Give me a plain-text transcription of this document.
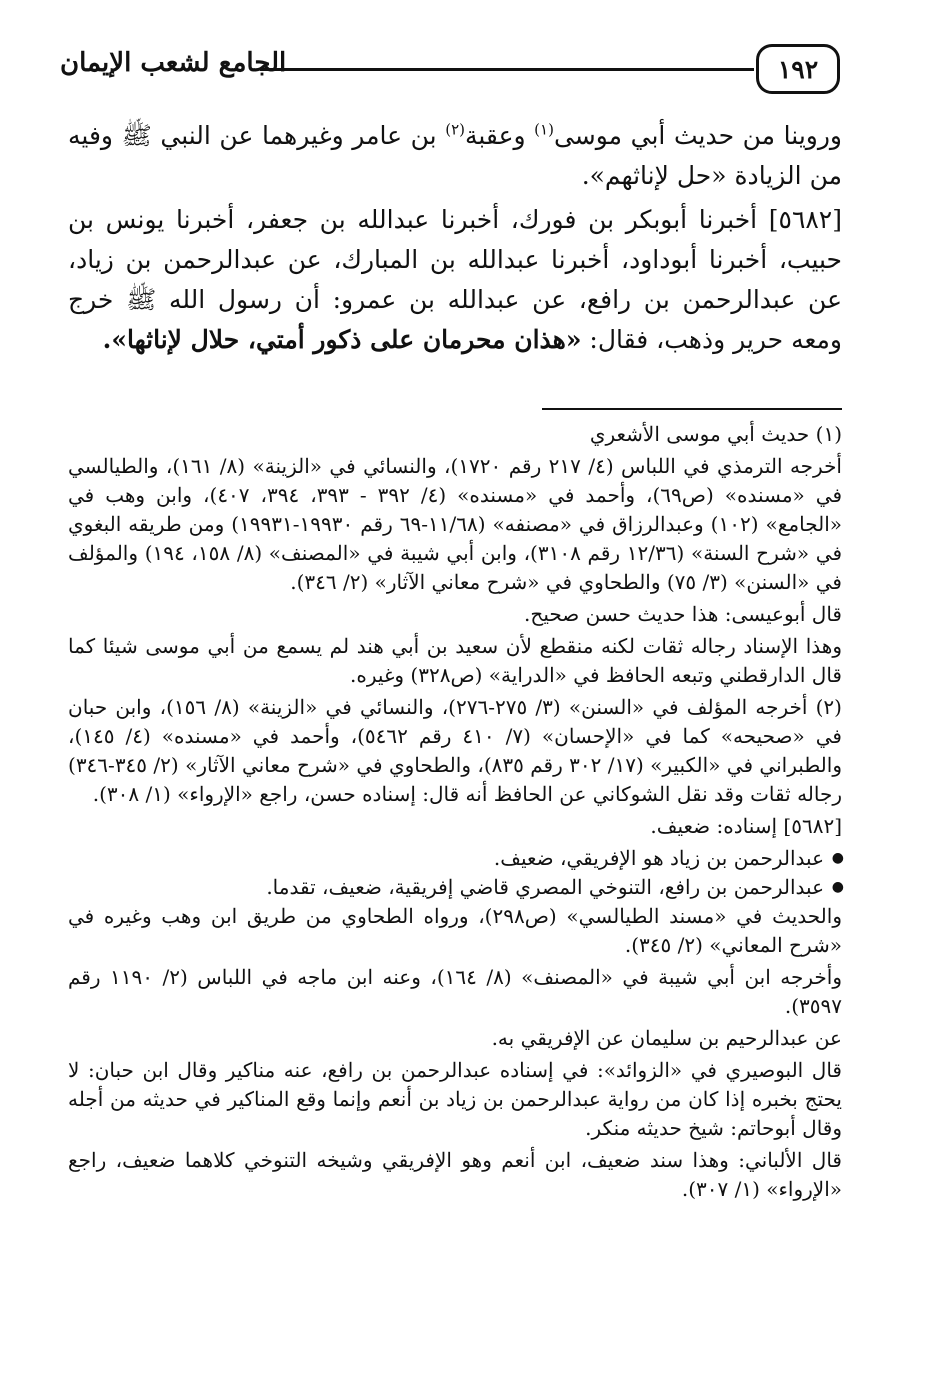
١٩٢
الجامع لشعب الإيمان

وروينا من حديث أبي موسى$^{(١)}$ وعقبة$^{(٢)}$ بن عامر وغيرهما عن النبي ﷺ وفيه من الزيادة «حل لإناثهم».

[٥٦٨٢] أخبرنا أبوبكر بن فورك، أخبرنا عبدالله بن جعفر، أخبرنا يونس بن حبيب، أخبرنا أبوداود، أخبرنا عبدالله بن المبارك، عن عبدالرحمن بن زياد، عن عبدالرحمن بن رافع، عن عبدالله بن عمرو: أن رسول الله ﷺ خرج ومعه حرير وذهب، فقال: «هذان محرمان على ذكور أمتي، حلال لإناثها».

(١) حديث أبي موسى الأشعري

أخرجه الترمذي في اللباس (٤/ ٢١٧ رقم ١٧٢٠)، والنسائي في «الزينة» (٨/ ١٦١)، والطيالسي في «مسنده» (ص٦٩)، وأحمد في «مسنده» (٤/ ٣٩٢ - ٣٩٣، ٣٩٤، ٤٠٧)، وابن وهب في «الجامع» (١٠٢) وعبدالرزاق في «مصنفه» (١١/٦٨-٦٩ رقم ١٩٩٣٠-١٩٩٣١) ومن طريقه البغوي في «شرح السنة» (١٢/٣٦ رقم ٣١٠٨)، وابن أبي شيبة في «المصنف» (٨/ ١٥٨، ١٩٤) والمؤلف في «السنن» (٣/ ٧٥) والطحاوي في «شرح معاني الآثار» (٢/ ٣٤٦).

قال أبوعيسى: هذا حديث حسن صحيح.

وهذا الإسناد رجاله ثقات لكنه منقطع لأن سعيد بن أبي هند لم يسمع من أبي موسى شيئا كما قال الدارقطني وتبعه الحافظ في «الدراية» (ص٣٢٨) وغيره.

(٢) أخرجه المؤلف في «السنن» (٣/ ٢٧٥-٢٧٦)، والنسائي في «الزينة» (٨/ ١٥٦)، وابن حبان في «صحيحه» كما في «الإحسان» (٧/ ٤١٠ رقم ٥٤٦٢)، وأحمد في «مسنده» (٤/ ١٤٥)، والطبراني في «الكبير» (١٧/ ٣٠٢ رقم ٨٣٥)، والطحاوي في «شرح معاني الآثار» (٢/ ٣٤٥-٣٤٦) رجاله ثقات وقد نقل الشوكاني عن الحافظ أنه قال: إسناده حسن، راجع «الإرواء» (١/ ٣٠٨).

[٥٦٨٢] إسناده: ضعيف.

● عبدالرحمن بن زياد هو الإفريقي، ضعيف.
● عبدالرحمن بن رافع، التنوخي المصري قاضي إفريقية، ضعيف، تقدما.

والحديث في «مسند الطيالسي» (ص٢٩٨)، ورواه الطحاوي من طريق ابن وهب وغيره في «شرح المعاني» (٢/ ٣٤٥).

وأخرجه ابن أبي شيبة في «المصنف» (٨/ ١٦٤)، وعنه ابن ماجه في اللباس (٢/ ١١٩٠ رقم ٣٥٩٧).

عن عبدالرحيم بن سليمان عن الإفريقي به.

قال البوصيري في «الزوائد»: في إسناده عبدالرحمن بن رافع، عنه مناكير وقال ابن حبان: لا يحتج بخبره إذا كان من رواية عبدالرحمن بن زياد بن أنعم وإنما وقع المناكير في حديثه من أجله وقال أبوحاتم: شيخ حديثه منكر.

قال الألباني: وهذا سند ضعيف، ابن أنعم وهو الإفريقي وشيخه التنوخي كلاهما ضعيف، راجع «الإرواء» (١/ ٣٠٧).
